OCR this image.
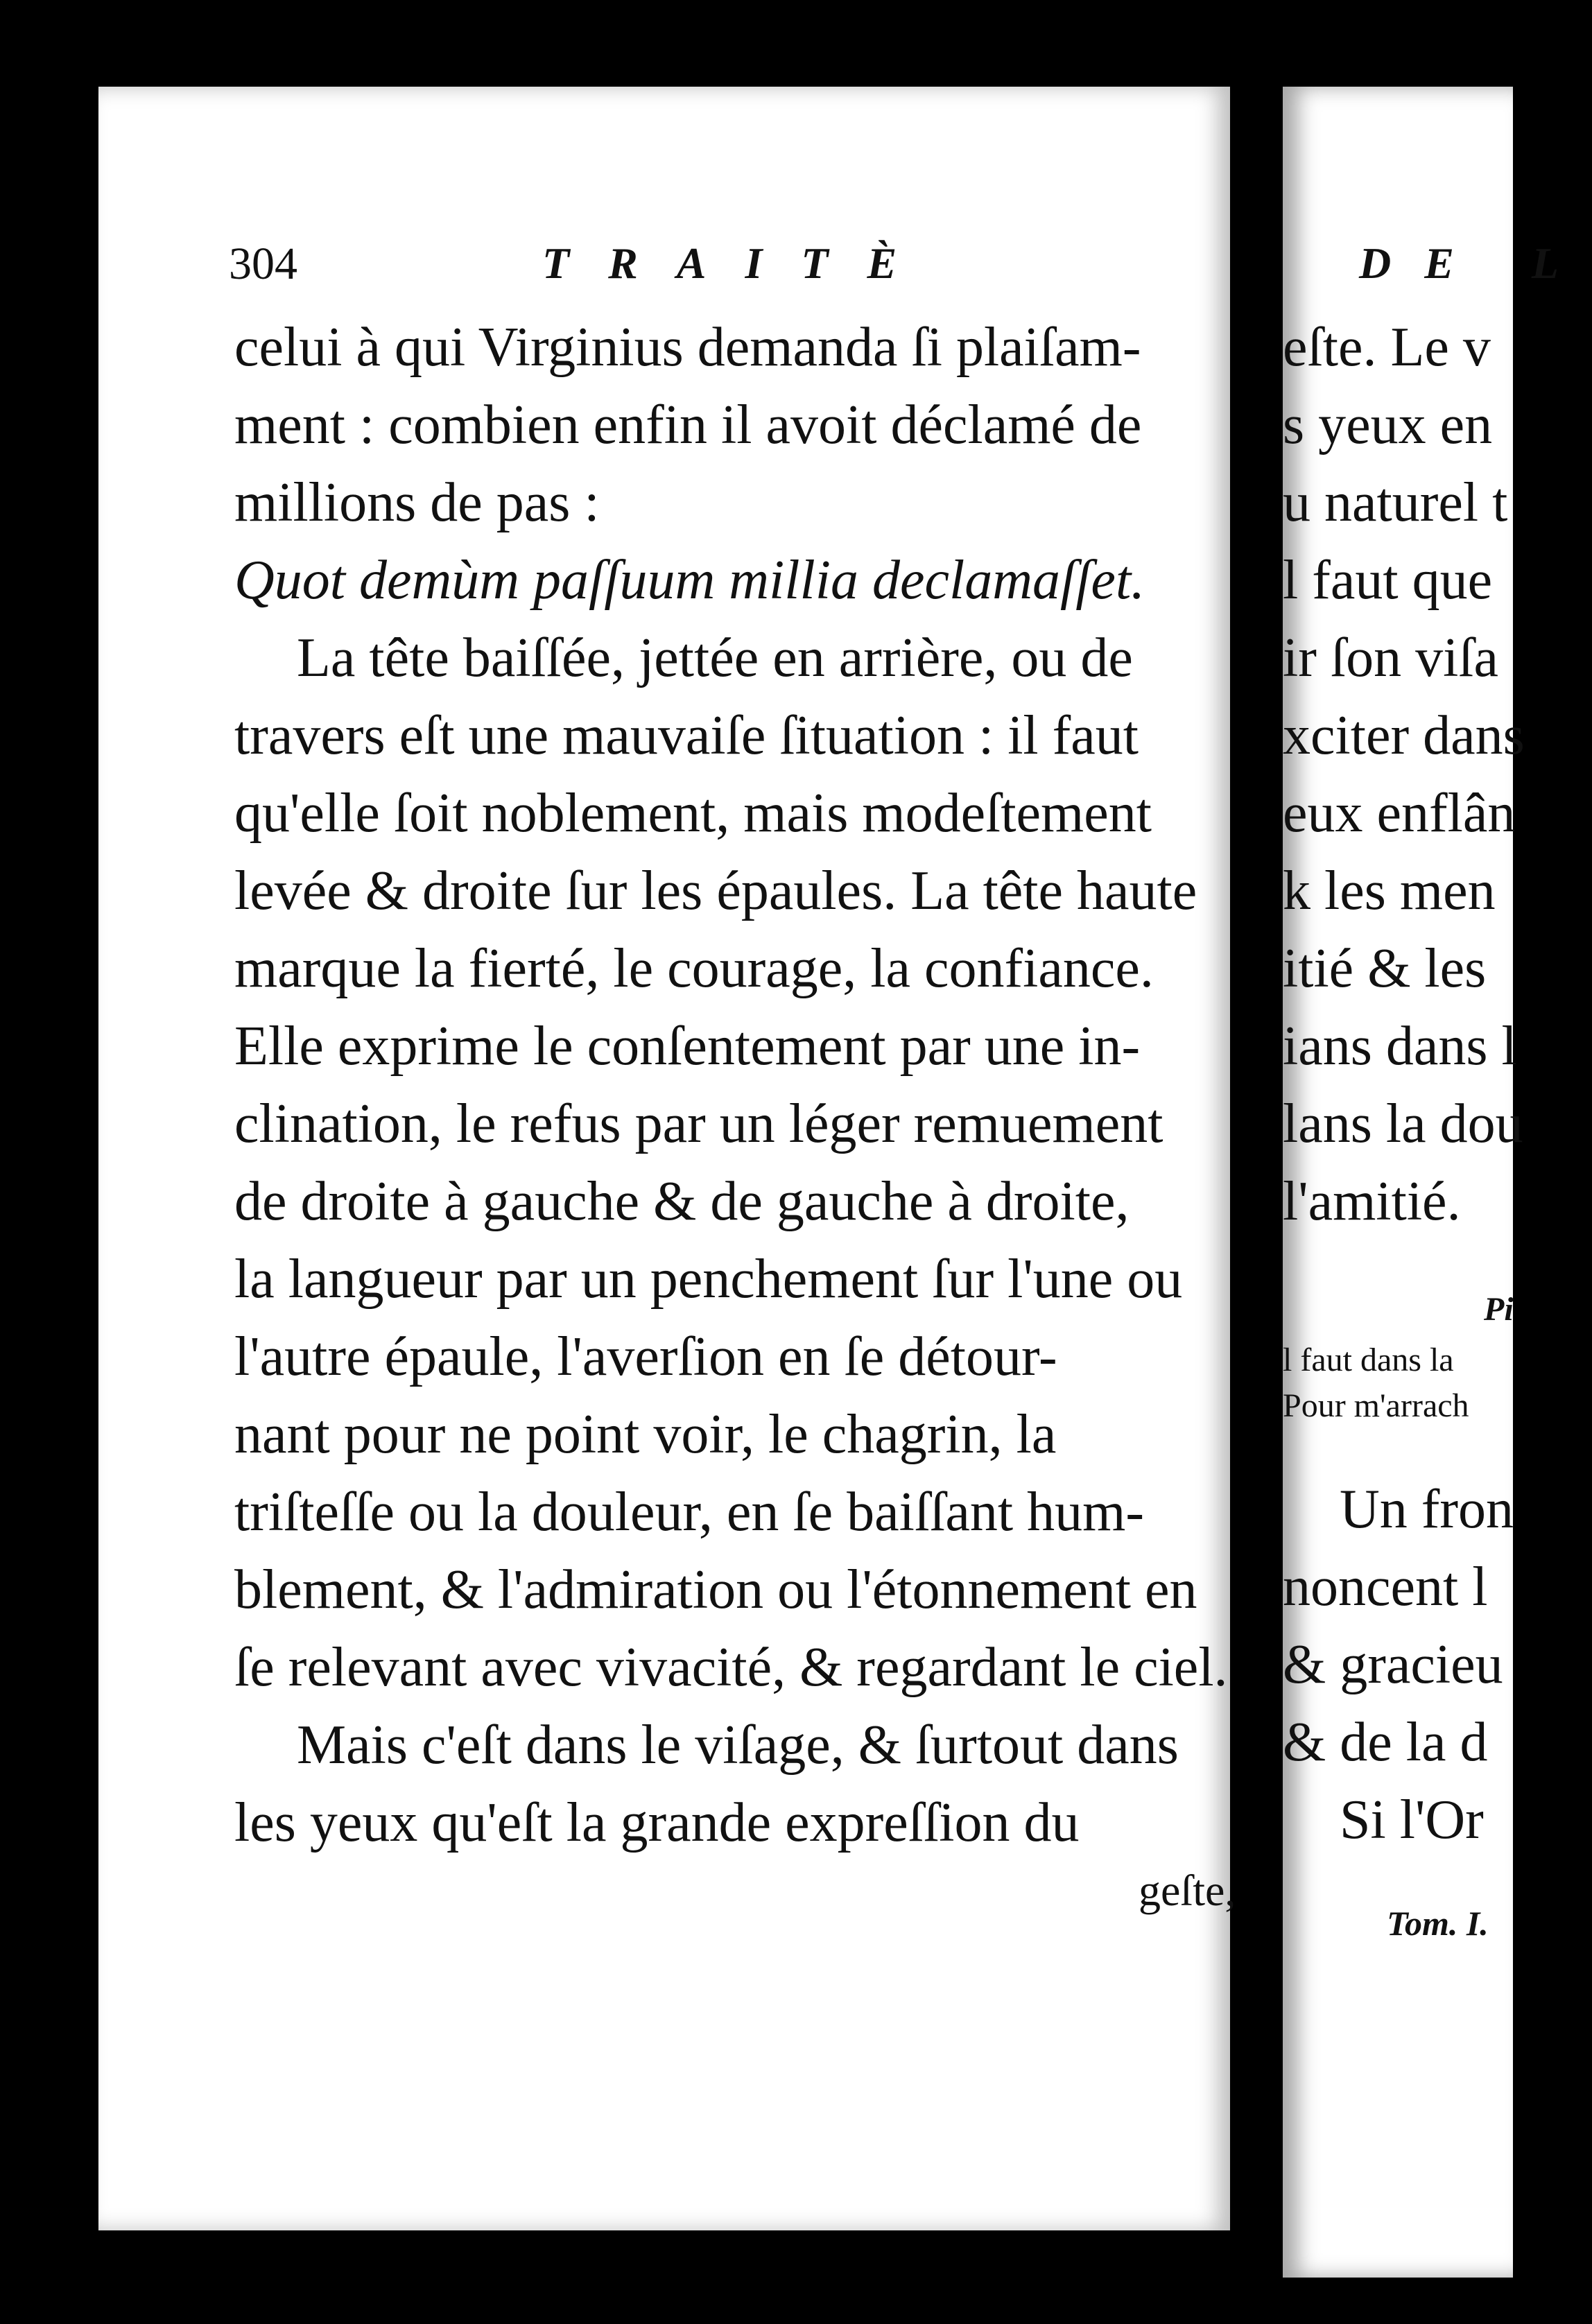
304	TRAITÈ
celui à qui Virginius demanda ſi plaiſam-
ment : combien enfin il avoit déclamé de
millions de pas :
Quot demùm paſſuum millia declamaſſet.
La tête baiſſée, jettée en arrière, ou de
travers eſt une mauvaiſe ſituation : il faut
qu'elle ſoit noblement, mais modeſtement
levée & droite ſur les épaules. La tête haute
marque la fierté, le courage, la confiance.
Elle exprime le conſentement par une in-
clination, le refus par un léger remuement
de droite à gauche & de gauche à droite,
la langueur par un penchement ſur l'une ou
l'autre épaule, l'averſion en ſe détour-
nant pour ne point voir, le chagrin, la
triſteſſe ou la douleur, en ſe baiſſant hum-
blement, & l'admiration ou l'étonnement en
ſe relevant avec vivacité, & regardant le ciel.
Mais c'eſt dans le viſage, & ſurtout dans
les yeux qu'eſt la grande expreſſion du
geſte,
DE L
eſte. Le v
s yeux en
u naturel t
l faut que
ir ſon viſa
xciter dans
eux enflân
k les men
itié & les
ians dans l
lans la dou
l'amitié.
Pi
l faut dans la
Pour m'arrach
Un fron
noncent l
& gracieu
& de la d
Si l'Or
Tom. I.
